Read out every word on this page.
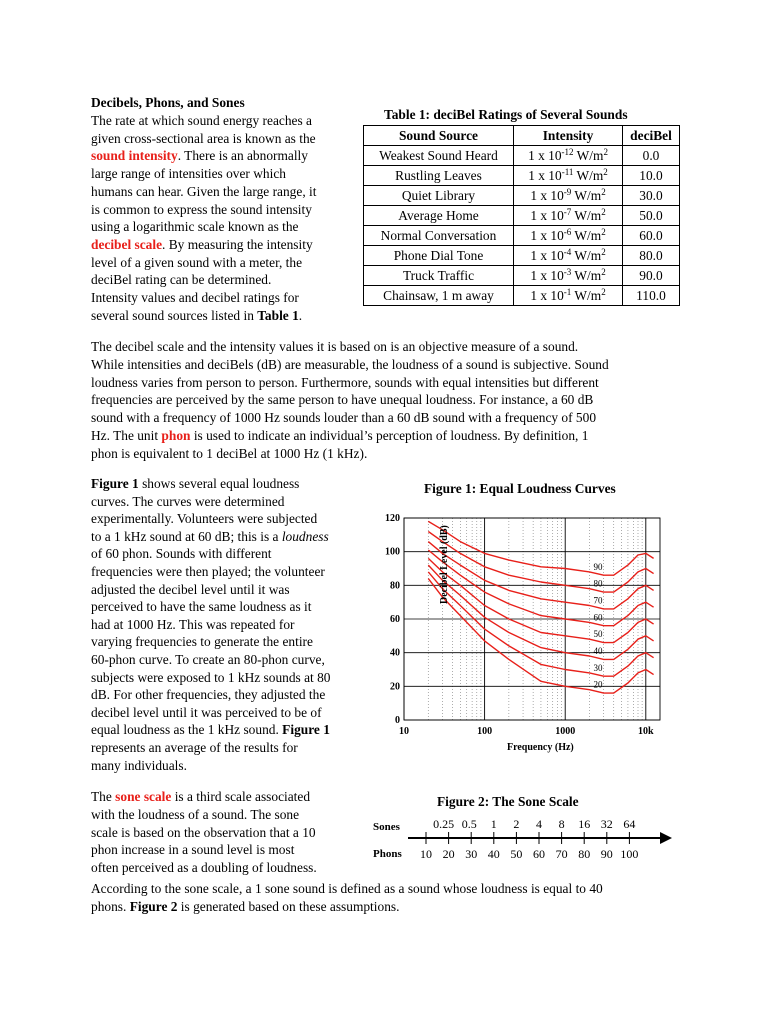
Decibels, Phons, and Sones
The rate at which sound energy reaches a
given cross-sectional area is known as the
sound intensity. There is an abnormally
large range of intensities over which
humans can hear. Given the large range, it
is common to express the sound intensity
using a logarithmic scale known as the
decibel scale. By measuring the intensity
level of a given sound with a meter, the
deciBel rating can be determined.
Intensity values and decibel ratings for
several sound sources listed in Table 1.
Table 1: deciBel Ratings of Several Sounds
Sound Source	Intensity	deciBel
Weakest Sound Heard	1 x $10^{-12}$ $W/m^2$	0.0
Rustling Leaves	1 x $10^{-11}$ $W/m^2$	10.0
Quiet Library	1 x $10^{-9}$ $W/m^2$	30.0
Average Home	1 x $10^{-7}$ $W/m^2$	50.0
Normal Conversation	1 x $10^{-6}$ $W/m^2$	60.0
Phone Dial Tone	1 x $10^{-4}$ $W/m^2$	80.0
Truck Traffic	1 x $10^{-3}$ $W/m^2$	90.0
Chainsaw, 1 m away	1 x $10^{-1}$ $W/m^2$	110.0
The decibel scale and the intensity values it is based on is an objective measure of a sound.
While intensities and deciBels (dB) are measurable, the loudness of a sound is subjective. Sound
loudness varies from person to person. Furthermore, sounds with equal intensities but different
frequencies are perceived by the same person to have unequal loudness. For instance, a 60 dB
sound with a frequency of 1000 Hz sounds louder than a 60 dB sound with a frequency of 500
Hz. The unit phon is used to indicate an individual’s perception of loudness. By definition, 1
phon is equivalent to 1 deciBel at 1000 Hz (1 kHz).
Figure 1 shows several equal loudness
curves. The curves were determined
experimentally. Volunteers were subjected
to a 1 kHz sound at 60 dB; this is a loudness
of 60 phon. Sounds with different
frequencies were then played; the volunteer
adjusted the decibel level until it was
perceived to have the same loudness as it
had at 1000 Hz. This was repeated for
varying frequencies to generate the entire
60-phon curve. To create an 80-phon curve,
subjects were exposed to 1 kHz sounds at 80
dB. For other frequencies, they adjusted the
decibel level until it was perceived to be of
equal loudness as the 1 kHz sound. Figure 1
represents an average of the results for
many individuals.
Figure 1: Equal Loudness Curves
10	100	1000	10k
0
20
40
60
80
100
120
90
80
70
60
50
40
30
20
Decibel Level (dB)
Frequency (Hz)
The sone scale is a third scale associated
with the loudness of a sound. The sone
scale is based on the observation that a 10
phon increase in a sound level is most
often perceived as a doubling of loudness.
Figure 2: The Sone Scale
Sones
Phons 10 20 30 40 50 60 70 80 90 100
0.25 0.5 1 2 4 8 16 32 64
According to the sone scale, a 1 sone sound is defined as a sound whose loudness is equal to 40
phons. Figure 2 is generated based on these assumptions.
